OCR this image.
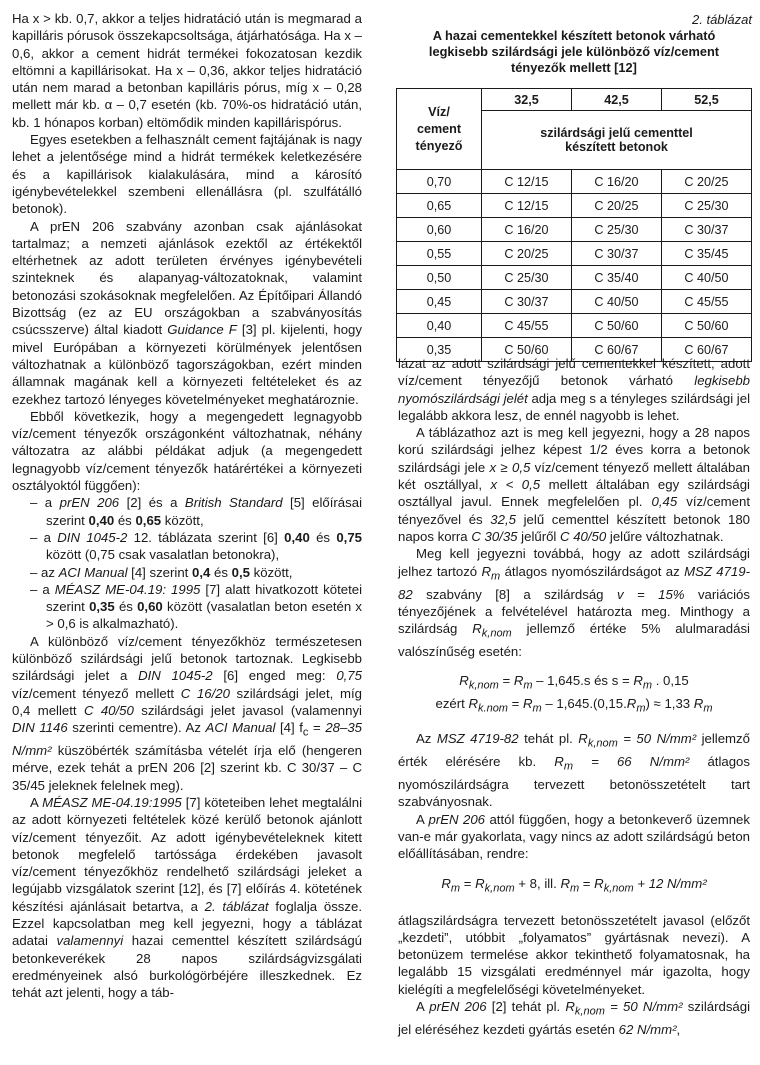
Ha x > kb. 0,7, akkor a teljes hidratáció után is megmarad a kapilláris pórusok összekapcsoltsága, átjárhatósága. Ha x – 0,6, akkor a cement hidrát termékei fokozatosan kezdik eltömni a kapillárisokat. Ha x – 0,36, akkor teljes hidratáció után nem marad a betonban kapilláris pórus, míg x – 0,28 mellett már kb. α – 0,7 esetén (kb. 70%-os hidratáció után, kb. 1 hónapos korban) eltömődik minden kapillárispórus.

Egyes esetekben a felhasznált cement fajtájának is nagy lehet a jelentősége mind a hidrát termékek keletkezésére és a kapillárisok kialakulására, mind a károsító igénybevételekkel szembeni ellenállásra (pl. szulfátálló betonok).

A prEN 206 szabvány azonban csak ajánlásokat tartalmaz; a nemzeti ajánlások ezektől az értékektől eltérhetnek az adott területen érvényes igénybevételi szinteknek és alapanyag-változatoknak, valamint betonozási szokásoknak megfelelően. Az Építőipari Állandó Bizottság (ez az EU országokban a szabványosítás csúcsszerve) által kiadott Guidance F [3] pl. kijelenti, hogy mivel Európában a környezeti körülmények jelentősen változhatnak a különböző tagországokban, ezért minden államnak magának kell a környezeti feltételeket és az ezekhez tartozó lényeges követelményeket meghatároznie.

Ebből következik, hogy a megengedett legnagyobb víz/cement tényezők országonként változhatnak, néhány változatra az alábbi példákat adjuk (a megengedett legnagyobb víz/cement tényezők határértékei a környezeti osztályoktól függően):

– a prEN 206 [2] és a British Standard [5] előírásai szerint 0,40 és 0,65 között,
– a DIN 1045-2 12. táblázata szerint [6] 0,40 és 0,75 között (0,75 csak vasalatlan betonokra),
– az ACI Manual [4] szerint 0,4 és 0,5 között,
– a MÉASZ ME-04.19: 1995 [7] alatt hivatkozott kötetei szerint 0,35 és 0,60 között (vasalatlan beton esetén x > 0,6 is alkalmazható).

A különböző víz/cement tényezőkhöz természetesen különböző szilárdsági jelű betonok tartoznak. Legkisebb szilárdsági jelet a DIN 1045-2 [6] enged meg: 0,75 víz/cement tényező mellett C 16/20 szilárdsági jelet, míg 0,4 mellett C 40/50 szilárdsági jelet javasol (valamennyi DIN 1146 szerinti cementre). Az ACI Manual [4] $f_c = 28-35$ N/mm² küszöbérték számításba vételét írja elő (hengeren mérve, ezek tehát a prEN 206 [2] szerint kb. C 30/37 – C 35/45 jeleknek felelnek meg).

A MÉASZ ME-04.19:1995 [7] köteteiben lehet megtalálni az adott környezeti feltételek közé kerülő betonok ajánlott víz/cement tényezőit. Az adott igénybevételeknek kitett betonok megfelelő tartóssága érdekében javasolt víz/cement tényezőkhöz rendelhető szilárdsági jeleket a legújabb vizsgálatok szerint [12], és [7] előírás 4. kötetének készítési ajánlásait betartva, a 2. táblázat foglalja össze. Ezzel kapcsolatban meg kell jegyezni, hogy a táblázat adatai valamennyi hazai cementtel készített szilárdságú betonkeverékek 28 napos szilárdságvizsgálati eredményeinek alsó burkológörbéjére illeszkednek. Ez tehát azt jelenti, hogy a táb-

2. táblázat
A hazai cementekkel készített betonok várható legkisebb szilárdsági jele különböző víz/cement tényezők mellett [12]
Víz/
cement
tényező	32,5	42,5	52,5

	szilárdsági jelű cementtel
készített betonok		

0,70	C 12/15	C 16/20	C 20/25
0,65	C 12/15	C 20/25	C 25/30
0,60	C 16/20	C 25/30	C 30/37
0,55	C 20/25	C 30/37	C 35/45
0,50	C 25/30	C 35/40	C 40/50
0,45	C 30/37	C 40/50	C 45/55
0,40	C 45/55	C 50/60	C 50/60
0,35	C 50/60	C 60/67	C 60/67

lázat az adott szilárdsági jelű cementekkel készített, adott víz/cement tényezőjű betonok várható legkisebb nyomószilárdsági jelét adja meg s a tényleges szilárdsági jel legalább akkora lesz, de ennél nagyobb is lehet.

A táblázathoz azt is meg kell jegyezni, hogy a 28 napos korú szilárdsági jelhez képest 1/2 éves korra a betonok szilárdsági jele x ≥ 0,5 víz/cement tényező mellett általában két osztállyal, x < 0,5 mellett általában egy szilárdsági osztállyal javul. Ennek megfelelően pl. 0,45 víz/cement tényezővel és 32,5 jelű cementtel készített betonok 180 napos korra C 30/35 jelűről C 40/50 jelűre változhatnak.

Meg kell jegyezni továbbá, hogy az adott szilárdsági jelhez tartozó $R_m$ átlagos nyomószilárdságot az MSZ 4719-82 szabvány [8] a szilárdság v = 15% variációs tényezőjének a felvételével határozta meg. Minthogy a szilárdság $R_{k,nom}$ jellemző értéke 5% alulmaradási valószínűség esetén:

$R_{k,nom} = R_m - 1,645.s$ és $s = R_m$ . 0,15
ezért $R_{k.nom} = R_m - 1,645.(0,15.R_m) \approx 1,33$ $R_m$

Az MSZ 4719-82 tehát pl. $R_{k,nom} = 50$ N/mm² jellemző érték elérésére kb. $R_m = 66$ N/mm² átlagos nyomószilárdságra tervezett betonösszetételt tart szabványosnak.

A prEN 206 attól függően, hogy a betonkeverő üzemnek van-e már gyakorlata, vagy nincs az adott szilárdságú beton előállításában, rendre:

$R_m = R_{k,nom} + 8$, ill. $R_m = R_{k,nom} + 12$ N/mm²

átlagszilárdságra tervezett betonösszetételt javasol (előzőt „kezdeti”, utóbbit „folyamatos” gyártásnak nevezi). A betonüzem termelése akkor tekinthető folyamatosnak, ha legalább 15 vizsgálati eredménnyel már igazolta, hogy kielégíti a megfelelőségi követelményeket.

A prEN 206 [2] tehát pl. $R_{k,nom} = 50$ N/mm² szilárdsági jel eléréséhez kezdeti gyártás esetén 62 N/mm²,
